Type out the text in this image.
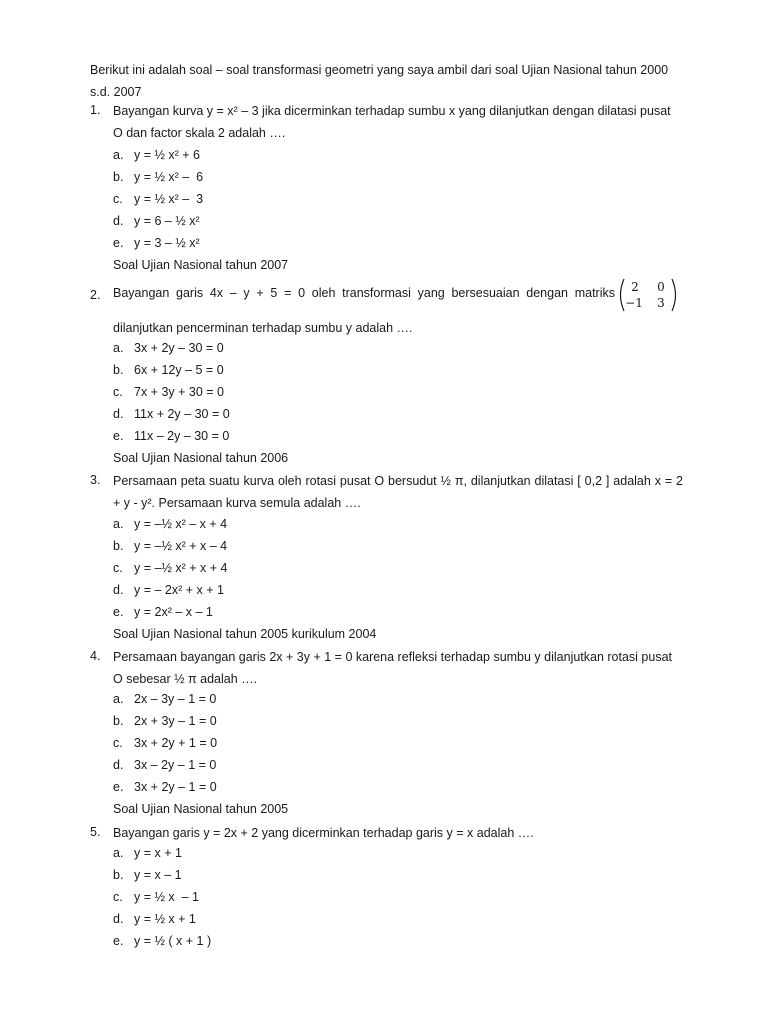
Berikut ini adalah soal – soal transformasi geometri yang saya ambil dari soal Ujian Nasional tahun 2000 s.d. 2007
1. Bayangan kurva y = x² – 3 jika dicerminkan terhadap sumbu x yang dilanjutkan dengan dilatasi pusat O dan factor skala 2 adalah ….
a. y = ½ x² + 6
b. y = ½ x² –  6
c. y = ½ x² –  3
d. y = 6 – ½ x²
e. y = 3 – ½ x²
Soal Ujian Nasional tahun 2007
2. Bayangan garis 4x – y + 5 = 0 oleh transformasi yang bersesuaian dengan matriks 2 0
−1 3
dilanjutkan pencerminan terhadap sumbu y adalah ….
a. 3x + 2y – 30 = 0
b. 6x + 12y – 5 = 0
c. 7x + 3y + 30 = 0
d. 11x + 2y – 30 = 0
e. 11x – 2y – 30 = 0
Soal Ujian Nasional tahun 2006
3. Persamaan peta suatu kurva oleh rotasi pusat O bersudut ½ π, dilanjutkan dilatasi [ 0,2 ] adalah x = 2 + y - y². Persamaan kurva semula adalah ….
a. y = –½ x² – x + 4
b. y = –½ x² + x – 4
c. y = –½ x² + x + 4
d. y = – 2x² + x + 1
e. y = 2x² – x – 1
Soal Ujian Nasional tahun 2005 kurikulum 2004
4. Persamaan bayangan garis 2x + 3y + 1 = 0 karena refleksi terhadap sumbu y dilanjutkan rotasi pusat O sebesar ½ π adalah ….
a. 2x – 3y – 1 = 0
b. 2x + 3y – 1 = 0
c. 3x + 2y + 1 = 0
d. 3x – 2y – 1 = 0
e. 3x + 2y – 1 = 0
Soal Ujian Nasional tahun 2005
5. Bayangan garis y = 2x + 2 yang dicerminkan terhadap garis y = x adalah ….
a. y = x + 1
b. y = x – 1
c. y = ½ x  – 1
d. y = ½ x + 1
e. y = ½ ( x + 1 )
